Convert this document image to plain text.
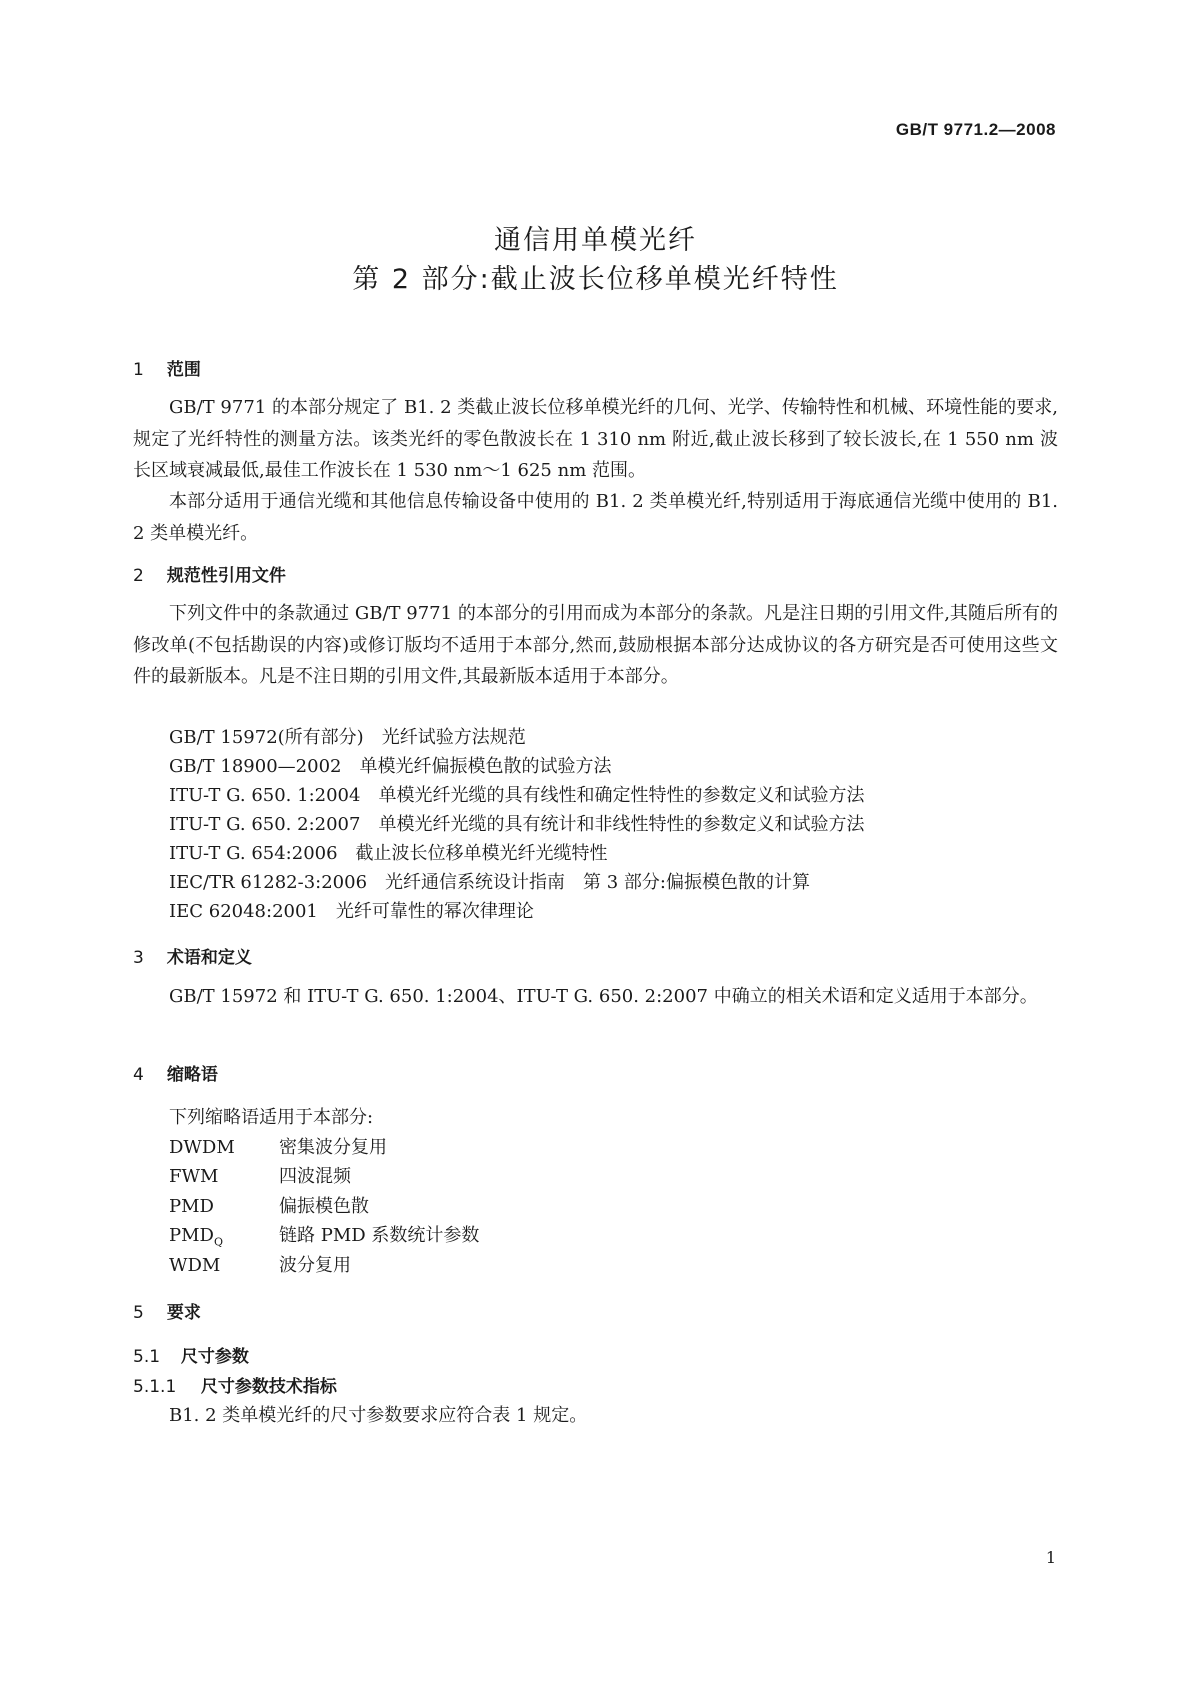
GB/T 9771.2—2008
通信用单模光纤
第 2 部分:截止波长位移单模光纤特性
1 范围

GB/T 9771 的本部分规定了 B1. 2 类截止波长位移单模光纤的几何、光学、传输特性和机械、环境性能的要求,规定了光纤特性的测量方法。该类光纤的零色散波长在 1 310 nm 附近,截止波长移到了较长波长,在 1 550 nm 波长区域衰减最低,最佳工作波长在 1 530 nm～1 625 nm 范围。

本部分适用于通信光缆和其他信息传输设备中使用的 B1. 2 类单模光纤,特别适用于海底通信光缆中使用的 B1. 2 类单模光纤。

2 规范性引用文件

下列文件中的条款通过 GB/T 9771 的本部分的引用而成为本部分的条款。凡是注日期的引用文件,其随后所有的修改单(不包括勘误的内容)或修订版均不适用于本部分,然而,鼓励根据本部分达成协议的各方研究是否可使用这些文件的最新版本。凡是不注日期的引用文件,其最新版本适用于本部分。

GB/T 15972(所有部分)　光纤试验方法规范
GB/T 18900—2002　单模光纤偏振模色散的试验方法
ITU-T G. 650. 1:2004　单模光纤光缆的具有线性和确定性特性的参数定义和试验方法
ITU-T G. 650. 2:2007　单模光纤光缆的具有统计和非线性特性的参数定义和试验方法
ITU-T G. 654:2006　截止波长位移单模光纤光缆特性
IEC/TR 61282-3:2006　光纤通信系统设计指南　第 3 部分:偏振模色散的计算
IEC 62048:2001　光纤可靠性的幂次律理论
3 术语和定义

GB/T 15972 和 ITU-T G. 650. 1:2004、ITU-T G. 650. 2:2007 中确立的相关术语和定义适用于本部分。

4 缩略语
下列缩略语适用于本部分:
DWDM 密集波分复用
FWM	四波混频
PMD	偏振模色散
$PMD_Q$	链路 PMD 系数统计参数
WDM	波分复用
5 要求
5.1 尺寸参数
5.1.1 尺寸参数技术指标
B1. 2 类单模光纤的尺寸参数要求应符合表 1 规定。
1
